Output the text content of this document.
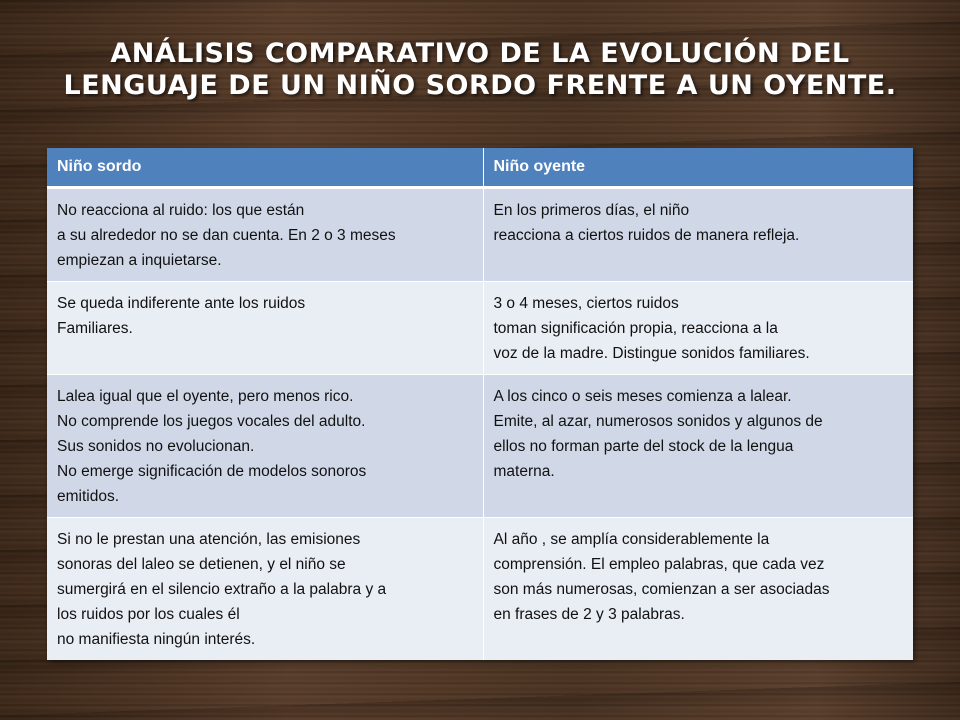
ANÁLISIS COMPARATIVO DE LA EVOLUCIÓN DEL
LENGUAJE DE UN NIÑO SORDO FRENTE A UN OYENTE.
Niño sordo	Niño oyente

No reacciona al ruido: los que están
a su alrededor no se dan cuenta. En 2 o 3 meses
empiezan a inquietarse.	En los primeros días, el niño
reacciona a ciertos ruidos de manera refleja.

Se queda indiferente ante los ruidos
Familiares.	3 o 4 meses, ciertos ruidos
toman significación propia, reacciona a la
voz de la madre. Distingue sonidos familiares.

Lalea igual que el oyente, pero menos rico.
No comprende los juegos vocales del adulto.
Sus sonidos no evolucionan.
No emerge significación de modelos sonoros
emitidos.	A los cinco o seis meses comienza a lalear.
Emite, al azar, numerosos sonidos y algunos de
ellos no forman parte del stock de la lengua
materna.

Si no le prestan una atención, las emisiones
sonoras del laleo se detienen, y el niño se
sumergirá en el silencio extraño a la palabra y a
los ruidos por los cuales él
no manifiesta ningún interés.	Al año , se amplía considerablemente la
comprensión. El empleo palabras, que cada vez
son más numerosas, comienzan a ser asociadas
en frases de 2 y 3 palabras.
